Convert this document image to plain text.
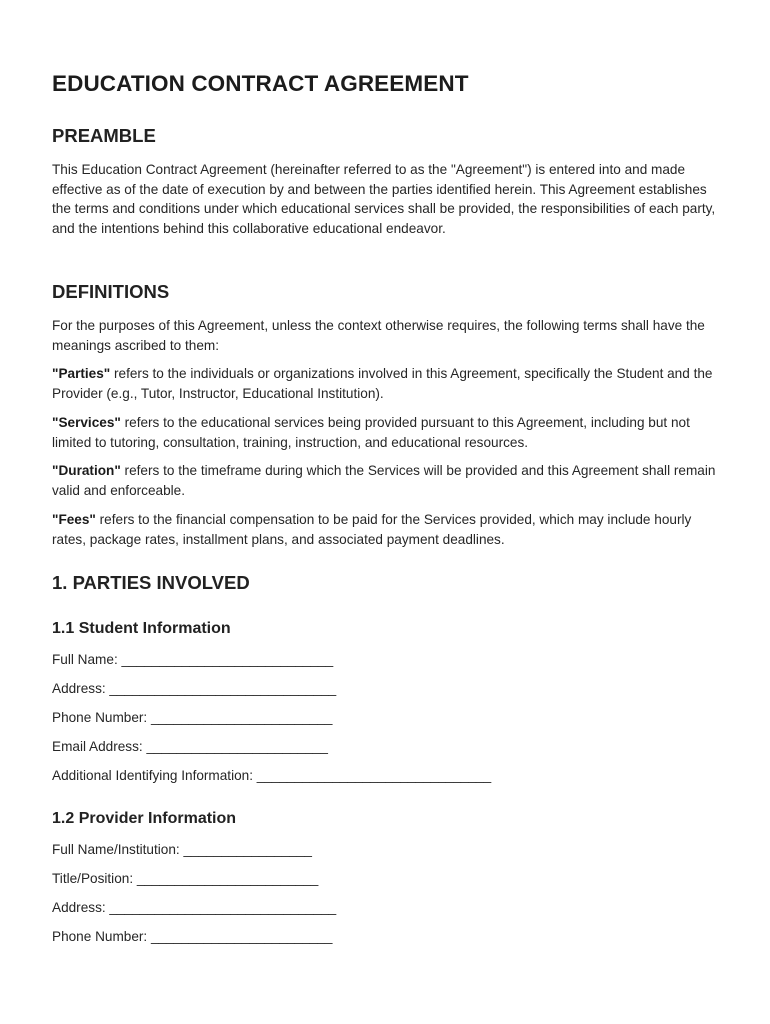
EDUCATION CONTRACT AGREEMENT
PREAMBLE

This Education Contract Agreement (hereinafter referred to as the "Agreement") is entered into and made effective as of the date of execution by and between the parties identified herein. This Agreement establishes the terms and conditions under which educational services shall be provided, the responsibilities of each party, and the intentions behind this collaborative educational endeavor.

DEFINITIONS

For the purposes of this Agreement, unless the context otherwise requires, the following terms shall have the meanings ascribed to them:

"Parties" refers to the individuals or organizations involved in this Agreement, specifically the Student and the Provider (e.g., Tutor, Instructor, Educational Institution).

"Services" refers to the educational services being provided pursuant to this Agreement, including but not limited to tutoring, consultation, training, instruction, and educational resources.

"Duration" refers to the timeframe during which the Services will be provided and this Agreement shall remain valid and enforceable.

"Fees" refers to the financial compensation to be paid for the Services provided, which may include hourly rates, package rates, installment plans, and associated payment deadlines.

1. PARTIES INVOLVED
1.1 Student Information

Full Name: ____________________________

Address: ______________________________

Phone Number: ________________________

Email Address: ________________________

Additional Identifying Information: _______________________________

1.2 Provider Information

Full Name/Institution: _________________

Title/Position: ________________________

Address: ______________________________

Phone Number: ________________________
